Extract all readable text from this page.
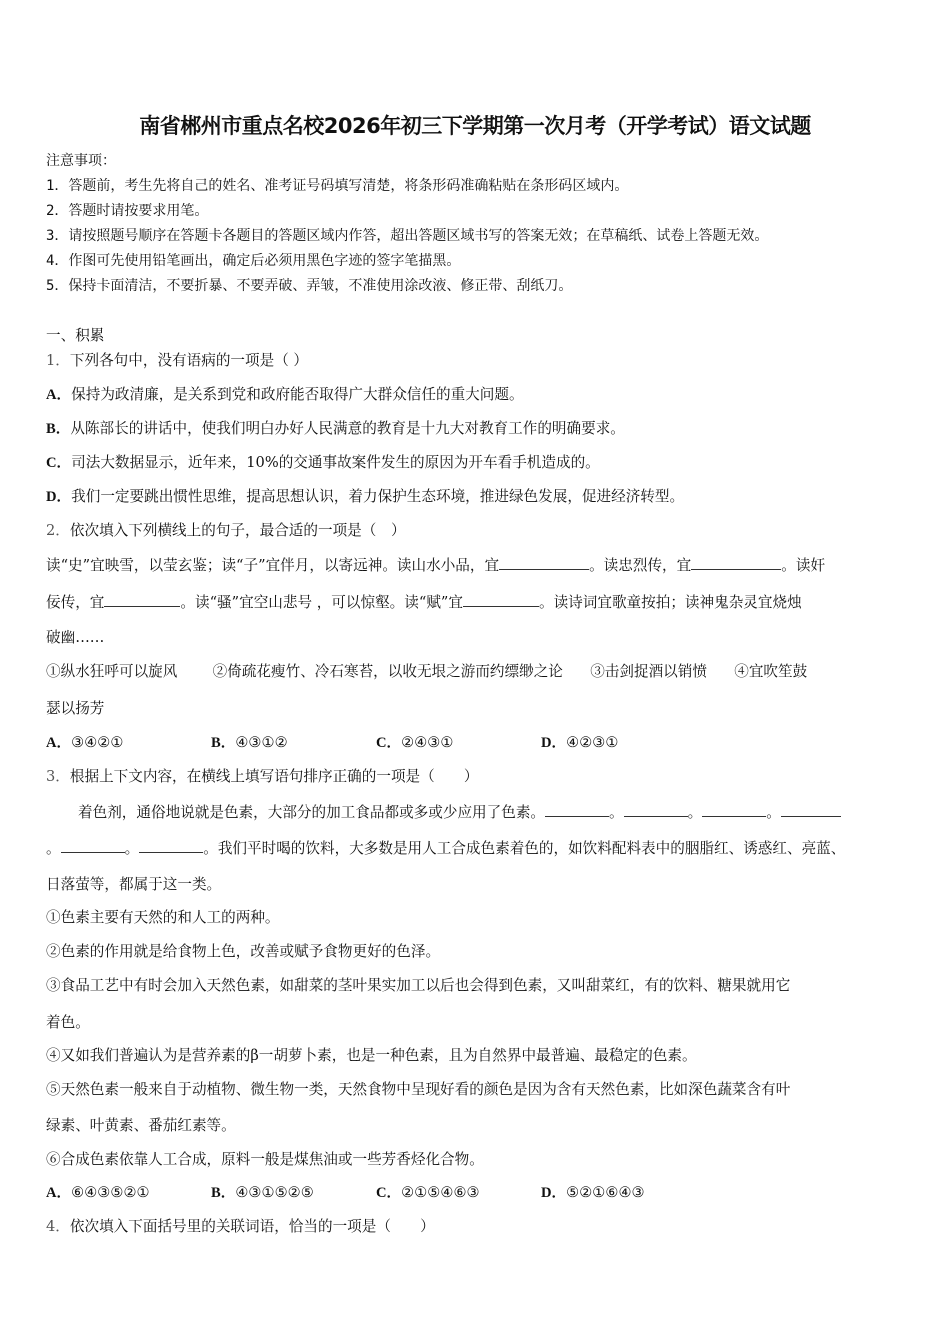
南省郴州市重点名校2026年初三下学期第一次月考（开学考试）语文试题
注意事项：
1．答题前，考生先将自己的姓名、准考证号码填写清楚，将条形码准确粘贴在条形码区域内。
2．答题时请按要求用笔。
3．请按照题号顺序在答题卡各题目的答题区域内作答，超出答题区域书写的答案无效；在草稿纸、试卷上答题无效。
4．作图可先使用铅笔画出，确定后必须用黑色字迹的签字笔描黑。
5．保持卡面清洁，不要折暴、不要弄破、弄皱，不准使用涂改液、修正带、刮纸刀。
一、积累
1．下列各句中，没有语病的一项是（ ）
A．保持为政清廉，是关系到党和政府能否取得广大群众信任的重大问题。
B．从陈部长的讲话中，使我们明白办好人民满意的教育是十九大对教育工作的明确要求。
C．司法大数据显示，近年来，10%的交通事故案件发生的原因为开车看手机造成的。
D．我们一定要跳出惯性思维，提高思想认识，着力保护生态环境，推进绿色发展，促进经济转型。
2．依次填入下列横线上的句子，最合适的一项是（　）
读“史”宜映雪，以莹玄鉴；读“子”宜伴月，以寄远神。读山水小品，宜	。读忠烈传，宜	。读奸
佞传，宜	。读“骚”宜空山悲号 ，可以惊壑。读“赋”宜	。读诗词宜歌童按拍；读神鬼杂灵宜烧烛
破幽……
①纵水狂呼可以旋风 ②倚疏花瘦竹、冷石寒苔，以收无垠之游而约缥缈之论 ③击剑捉酒以销愤 ④宜吹笙鼓
瑟以扬芳
A．③④②①	B．④③①②	C．②④③①	D．④②③①
3．根据上下文内容，在横线上填写语句排序正确的一项是（　　）
着色剂，通俗地说就是色素，大部分的加工食品都或多或少应用了色素。	。	。	。
。	。	。我们平时喝的饮料，大多数是用人工合成色素着色的，如饮料配料表中的胭脂红、诱惑红、亮蓝、
日落萤等，都属于这一类。
①色素主要有天然的和人工的两种。
②色素的作用就是给食物上色，改善或赋予食物更好的色泽。
③食品工艺中有时会加入天然色素，如甜菜的茎叶果实加工以后也会得到色素，又叫甜菜红，有的饮料、糖果就用它
着色。
④又如我们普遍认为是营养素的β一胡萝卜素，也是一种色素，且为自然界中最普遍、最稳定的色素。
⑤天然色素一般来自于动植物、微生物一类，天然食物中呈现好看的颜色是因为含有天然色素，比如深色蔬菜含有叶
绿素、叶黄素、番茄红素等。
⑥合成色素依靠人工合成，原料一般是煤焦油或一些芳香烃化合物。
A．⑥④③⑤②①	B．④③①⑤②⑤	C．②①⑤④⑥③	D．⑤②①⑥④③
4．依次填入下面括号里的关联词语，恰当的一项是（　　）
